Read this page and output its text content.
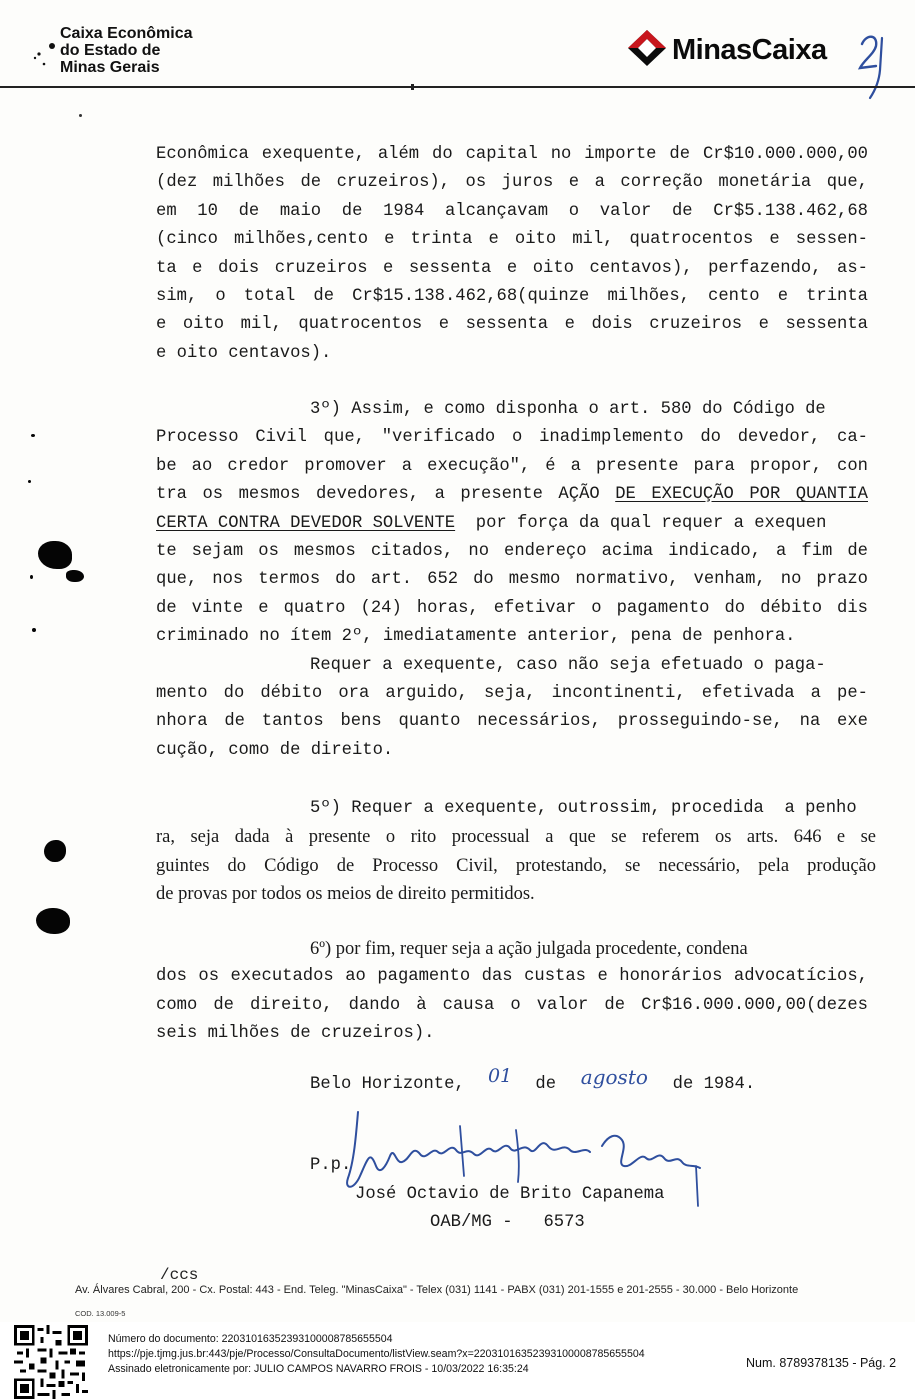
Caixa Econômica
do Estado de
Minas Gerais
MinasCaixa
Econômica exequente, além do capital no importe de Cr$10.000.000,00
(dez milhões de cruzeiros), os juros e a correção monetária que,
em 10 de maio de 1984 alcançavam o valor de Cr$5.138.462,68
(cinco milhões,cento e trinta e oito mil, quatrocentos e sessen-
ta e dois cruzeiros e sessenta e oito centavos), perfazendo, as-
sim, o total de Cr$15.138.462,68(quinze milhões, cento e trinta
e oito mil, quatrocentos e sessenta e dois cruzeiros e sessenta
e oito centavos).
3º) Assim, e como disponha o art. 580 do Código de
Processo Civil que, "verificado o inadimplemento do devedor, ca-
be ao credor promover a execução", é a presente para propor, con
tra os mesmos devedores, a presente AÇÃO DE EXECUÇÃO POR QUANTIA
CERTA CONTRA DEVEDOR SOLVENTE  por força da qual requer a exequen
te sejam os mesmos citados, no endereço acima indicado, a fim de
que, nos termos do art. 652 do mesmo normativo, venham, no prazo
de vinte e quatro (24) horas, efetivar o pagamento do débito dis
criminado no ítem 2º, imediatamente anterior, pena de penhora.
Requer a exequente, caso não seja efetuado o paga-
mento do débito ora arguido, seja, incontinenti, efetivada a pe-
nhora de tantos bens quanto necessários, prosseguindo-se, na exe
cução, como de direito.
5º) Requer a exequente, outrossim, procedida  a penho
ra, seja dada à presente o rito processual a que se referem os arts. 646 e se
guintes do Código de Processo Civil, protestando, se necessário, pela produção
de provas por todos os meios de direito permitidos.
6º) por fim, requer seja a ação julgada procedente, condena
dos os executados ao pagamento das custas e honorários advocatícios,
como de direito, dando à causa o valor de Cr$16.000.000,00(dezes
seis milhões de cruzeiros).
Belo Horizonte, 01 de agosto de 1984.
P.p.
José Octavio de Brito Capanema
OAB/MG -   6573
/ccs
Av. Álvares Cabral, 200 - Cx. Postal: 443 - End. Teleg. "MinasCaixa" - Telex (031) 1141 - PABX (031) 201-1555 e 201-2555 - 30.000 - Belo Horizonte
COD. 13.009-5
Número do documento: 22031016352393100008785655504
https://pje.tjmg.jus.br:443/pje/Processo/ConsultaDocumento/listView.seam?x=22031016352393100008785655504
Assinado eletronicamente por: JULIO CAMPOS NAVARRO FROIS - 10/03/2022 16:35:24	Num. 8789378135 - Pág. 2
